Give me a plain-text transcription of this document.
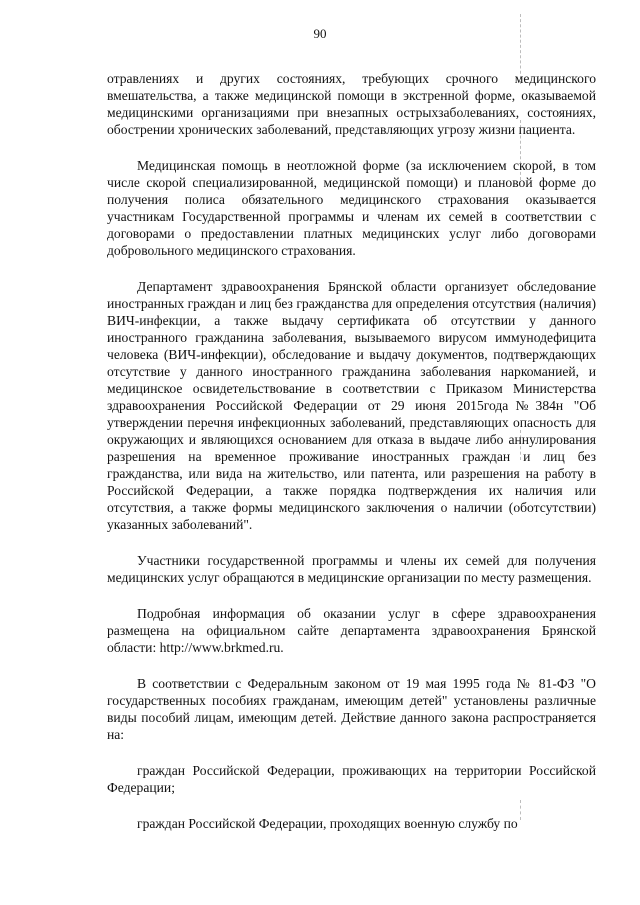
90

отравлениях и других состояниях, требующих срочного медицинского вмешательства, а также медицинской помощи в экстренной форме, оказываемой медицинскими организациями при внезапных острыхзаболеваниях, состояниях, обострении хронических заболеваний, представляющих угрозу жизни пациента.

Медицинская помощь в неотложной форме (за исключением скорой, в том числе скорой специализированной, медицинской помощи) и плановой форме до получения полиса обязательного медицинского страхования оказывается участникам Государственной программы и членам их семей в соответствии с договорами о предоставлении платных медицинских услуг либо договорами добровольного медицинского страхования.

Департамент здравоохранения Брянской области организует обследование иностранных граждан и лиц без гражданства для определения отсутствия (наличия) ВИЧ-инфекции, а также выдачу сертификата об отсутствии у данного иностранного гражданина заболевания, вызываемого вирусом иммунодефицита человека (ВИЧ-инфекции), обследование и выдачу документов, подтверждающих отсутствие у данного иностранного гражданина заболевания наркоманией, и медицинское освидетельствование в соответствии с Приказом Министерства здравоохранения Российской Федерации от 29 июня 2015года№384н "Об утверждении перечня инфекционных заболеваний, представляющих опасность для окружающих и являющихся основанием для отказа в выдаче либо аннулирования разрешения на временное проживание иностранных граждан и лиц без гражданства, или вида на жительство, или патента, или разрешения на работу в Российской Федерации, а также порядка подтверждения их наличия или отсутствия, а также формы медицинского заключения о наличии (оботсутствии) указанных заболеваний".

Участники государственной программы и члены их семей для получения медицинских услуг обращаются в медицинские организации по месту размещения.

Подробная информация об оказании услуг в сфере здравоохранения размещена на официальном сайте департамента здравоохранения Брянской области: http://www.brkmed.ru.

В соответствии с Федеральным законом от 19 мая 1995 года № 81-ФЗ "О государственных пособиях гражданам, имеющим детей" установлены различные виды пособий лицам, имеющим детей. Действие данного закона распространяется на:

граждан Российской Федерации, проживающих на территории Российской Федерации;

граждан Российской Федерации, проходящих военную службу по
